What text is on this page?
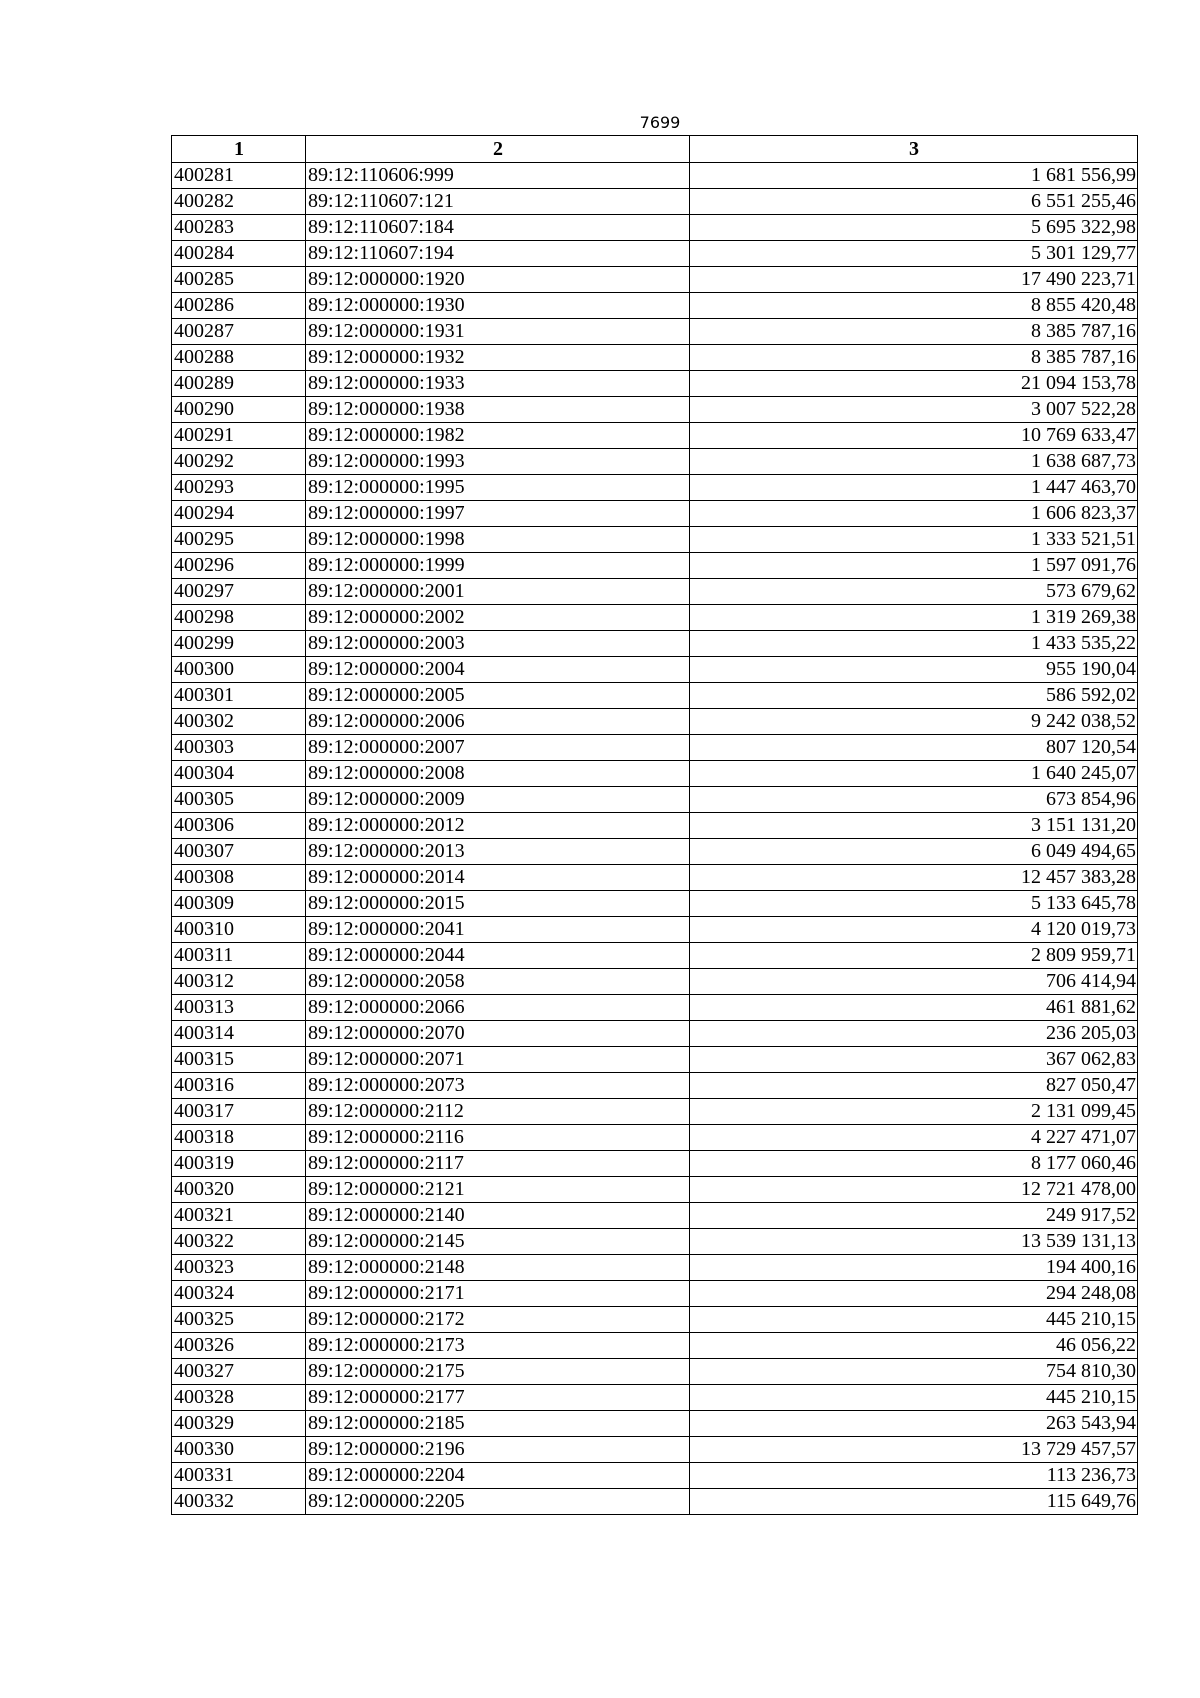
7699
1	2	3
400281	89:12:110606:999	1 681 556,99
400282	89:12:110607:121	6 551 255,46
400283	89:12:110607:184	5 695 322,98
400284	89:12:110607:194	5 301 129,77
400285	89:12:000000:1920	17 490 223,71
400286	89:12:000000:1930	8 855 420,48
400287	89:12:000000:1931	8 385 787,16
400288	89:12:000000:1932	8 385 787,16
400289	89:12:000000:1933	21 094 153,78
400290	89:12:000000:1938	3 007 522,28
400291	89:12:000000:1982	10 769 633,47
400292	89:12:000000:1993	1 638 687,73
400293	89:12:000000:1995	1 447 463,70
400294	89:12:000000:1997	1 606 823,37
400295	89:12:000000:1998	1 333 521,51
400296	89:12:000000:1999	1 597 091,76
400297	89:12:000000:2001	573 679,62
400298	89:12:000000:2002	1 319 269,38
400299	89:12:000000:2003	1 433 535,22
400300	89:12:000000:2004	955 190,04
400301	89:12:000000:2005	586 592,02
400302	89:12:000000:2006	9 242 038,52
400303	89:12:000000:2007	807 120,54
400304	89:12:000000:2008	1 640 245,07
400305	89:12:000000:2009	673 854,96
400306	89:12:000000:2012	3 151 131,20
400307	89:12:000000:2013	6 049 494,65
400308	89:12:000000:2014	12 457 383,28
400309	89:12:000000:2015	5 133 645,78
400310	89:12:000000:2041	4 120 019,73
400311	89:12:000000:2044	2 809 959,71
400312	89:12:000000:2058	706 414,94
400313	89:12:000000:2066	461 881,62
400314	89:12:000000:2070	236 205,03
400315	89:12:000000:2071	367 062,83
400316	89:12:000000:2073	827 050,47
400317	89:12:000000:2112	2 131 099,45
400318	89:12:000000:2116	4 227 471,07
400319	89:12:000000:2117	8 177 060,46
400320	89:12:000000:2121	12 721 478,00
400321	89:12:000000:2140	249 917,52
400322	89:12:000000:2145	13 539 131,13
400323	89:12:000000:2148	194 400,16
400324	89:12:000000:2171	294 248,08
400325	89:12:000000:2172	445 210,15
400326	89:12:000000:2173	46 056,22
400327	89:12:000000:2175	754 810,30
400328	89:12:000000:2177	445 210,15
400329	89:12:000000:2185	263 543,94
400330	89:12:000000:2196	13 729 457,57
400331	89:12:000000:2204	113 236,73
400332	89:12:000000:2205	115 649,76
